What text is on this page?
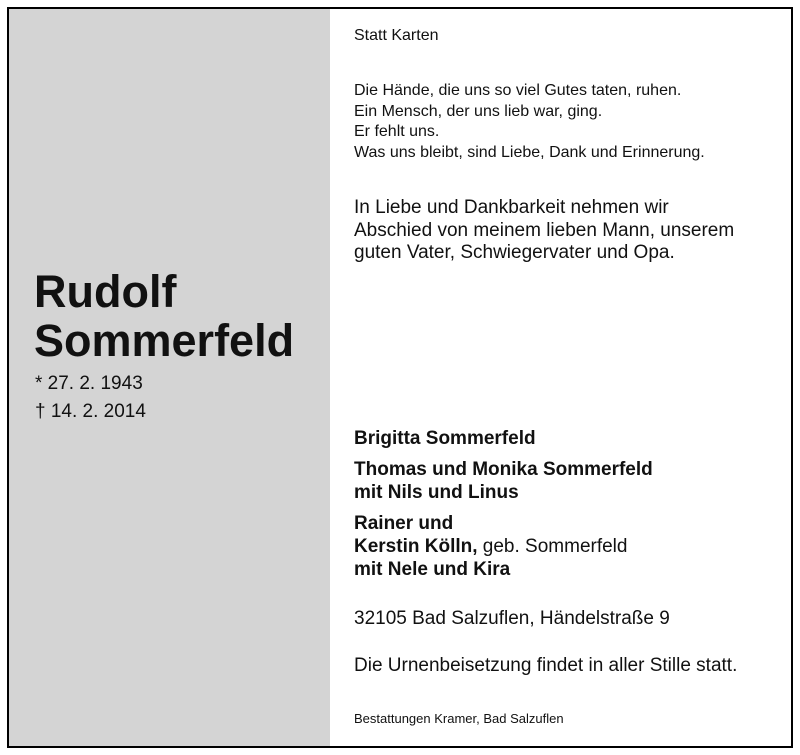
Rudolf
Sommerfeld
* 27. 2. 1943
† 14. 2. 2014
Statt Karten
Die Hände, die uns so viel Gutes taten, ruhen.
Ein Mensch, der uns lieb war, ging.
Er fehlt uns.
Was uns bleibt, sind Liebe, Dank und Erinnerung.
In Liebe und Dankbarkeit nehmen wir
Abschied von meinem lieben Mann, unserem
guten Vater, Schwiegervater und Opa.
Brigitta Sommerfeld
Thomas und Monika Sommerfeld
mit Nils und Linus
Rainer und
Kerstin Kölln, geb. Sommerfeld
mit Nele und Kira
32105 Bad Salzuflen, Händelstraße 9
Die Urnenbeisetzung findet in aller Stille statt.
Bestattungen Kramer, Bad Salzuflen
